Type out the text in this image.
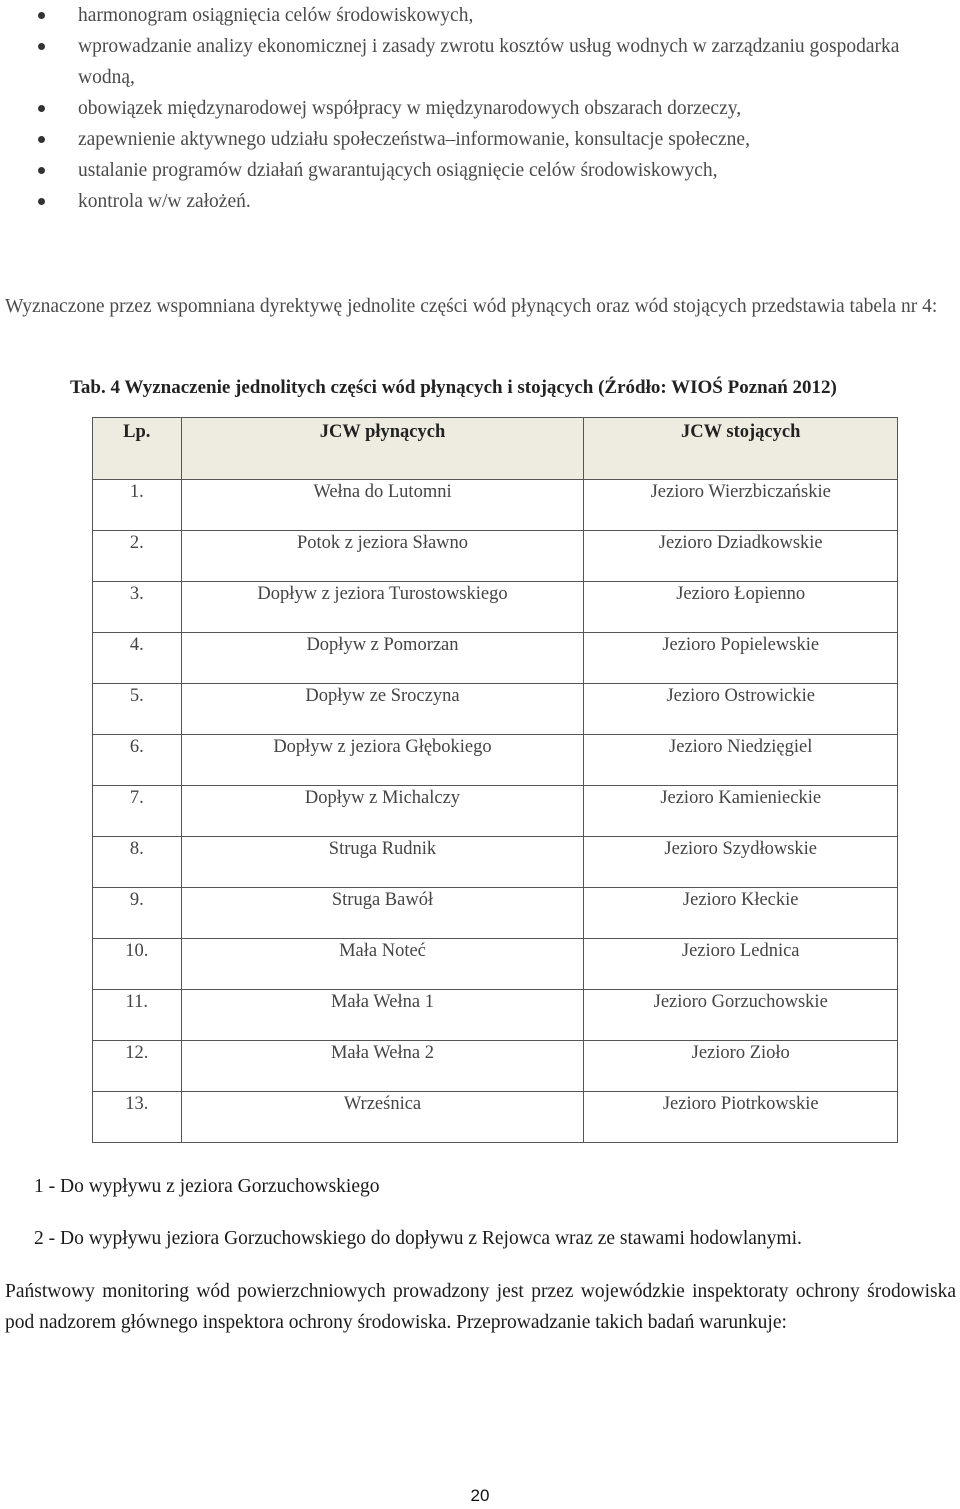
harmonogram osiągnięcia celów środowiskowych,
wprowadzanie analizy ekonomicznej i zasady zwrotu kosztów usług wodnych w zarządzaniu gospodarka wodną,
obowiązek międzynarodowej współpracy w międzynarodowych obszarach dorzeczy,
zapewnienie aktywnego udziału społeczeństwa–informowanie, konsultacje społeczne,
ustalanie programów działań gwarantujących osiągnięcie celów środowiskowych,
kontrola w/w założeń.

Wyznaczone przez wspomniana dyrektywę jednolite części wód płynących oraz wód stojących przedstawia tabela nr 4:

Tab. 4 Wyznaczenie jednolitych części wód płynących i stojących (Źródło: WIOŚ Poznań 2012)

Lp.	JCW płynących	JCW stojących
1.	Wełna do Lutomni	Jezioro Wierzbiczańskie
2.	Potok z jeziora Sławno	Jezioro Dziadkowskie
3.	Dopływ z jeziora Turostowskiego	Jezioro Łopienno
4.	Dopływ z Pomorzan	Jezioro Popielewskie
5.	Dopływ ze Sroczyna	Jezioro Ostrowickie
6.	Dopływ z jeziora Głębokiego	Jezioro Niedzięgiel
7.	Dopływ z Michalczy	Jezioro Kamienieckie
8.	Struga Rudnik	Jezioro Szydłowskie
9.	Struga Bawół	Jezioro Kłeckie
10.	Mała Noteć	Jezioro Lednica
11.	Mała Wełna 1	Jezioro Gorzuchowskie
12.	Mała Wełna 2	Jezioro Zioło
13.	Wrześnica	Jezioro Piotrkowskie

1 - Do wypływu z jeziora Gorzuchowskiego

2 - Do wypływu jeziora Gorzuchowskiego do dopływu z Rejowca wraz ze stawami hodowlanymi.

Państwowy monitoring wód powierzchniowych prowadzony jest przez wojewódzkie inspektoraty ochrony środowiska pod nadzorem głównego inspektora ochrony środowiska. Przeprowadzanie takich badań warunkuje:

20
